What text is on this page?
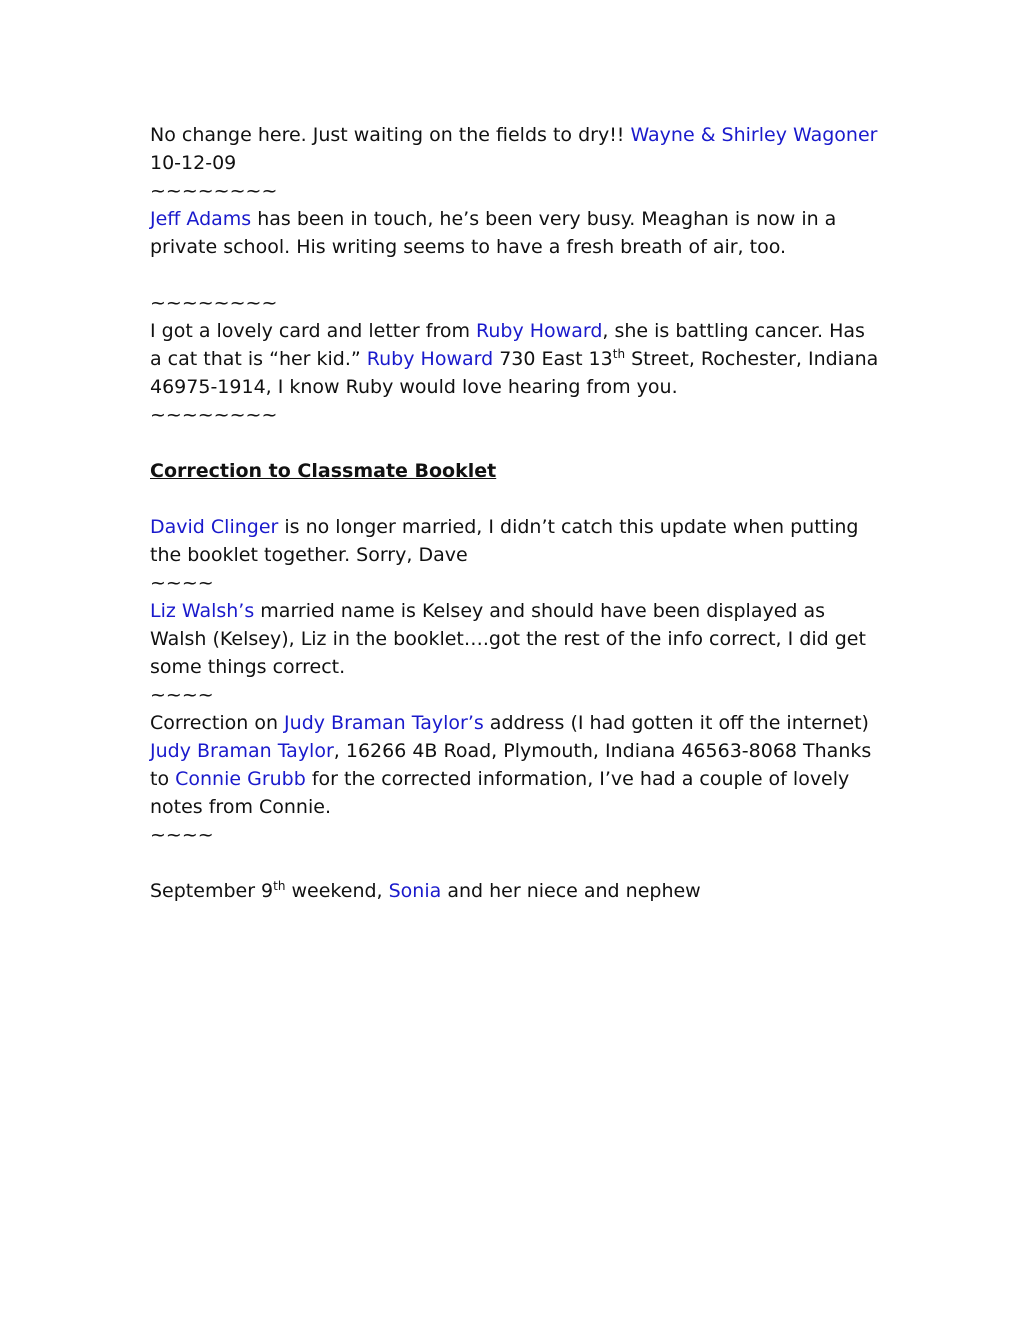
No change here. Just waiting on the fields to dry!! Wayne & Shirley Wagoner

10-12-09

~~~~~~~~

Jeff Adams has been in touch, he’s been very busy. Meaghan is now in a private school. His writing seems to have a fresh breath of air, too.

~~~~~~~~

I got a lovely card and letter from Ruby Howard, she is battling cancer. Has a cat that is “her kid.” Ruby Howard 730 East 13th Street, Rochester, Indiana 46975-1914, I know Ruby would love hearing from you.

~~~~~~~~

Correction to Classmate Booklet

David Clinger is no longer married, I didn’t catch this update when putting the booklet together. Sorry, Dave

~~~~

Liz Walsh’s married name is Kelsey and should have been displayed as Walsh (Kelsey), Liz in the booklet….got the rest of the info correct, I did get some things correct.

~~~~

Correction on Judy Braman Taylor’s address (I had gotten it off the internet) Judy Braman Taylor, 16266 4B Road, Plymouth, Indiana 46563-8068 Thanks to Connie Grubb for the corrected information, I’ve had a couple of lovely notes from Connie.

~~~~

September 9th weekend, Sonia and her niece and nephew
